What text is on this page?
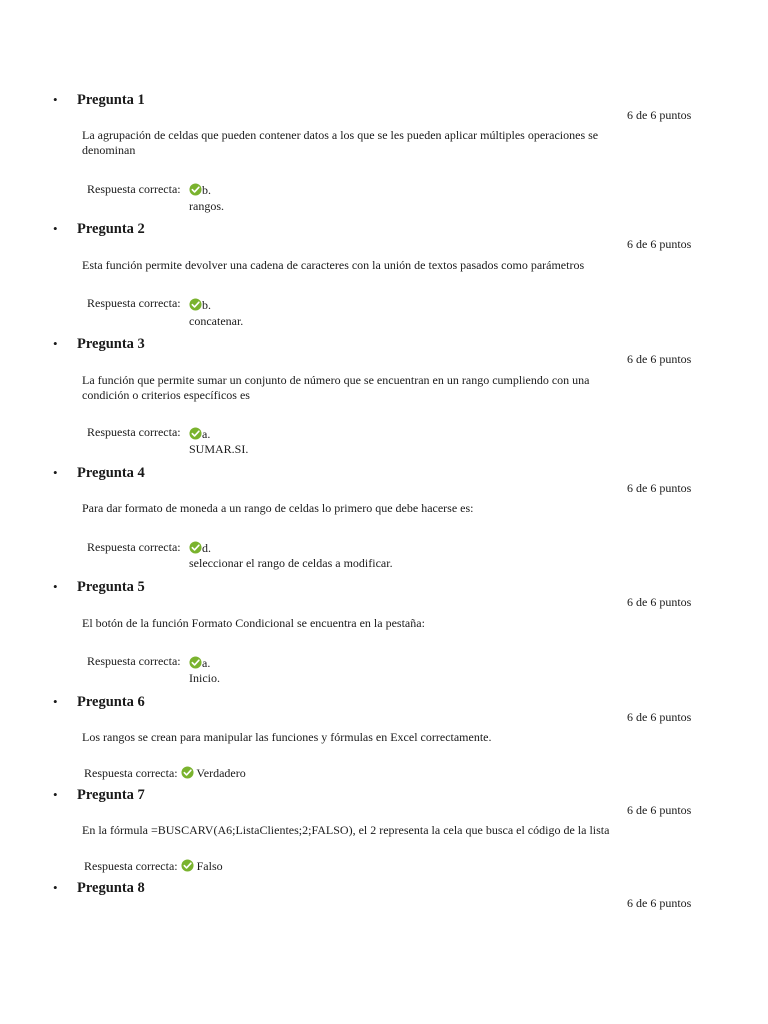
• Pregunta 1
6 de 6 puntos
La agrupación de celdas que pueden contener datos a los que se les pueden aplicar múltiples operaciones se denominan
Respuesta correcta:	b.
rangos.
• Pregunta 2
6 de 6 puntos
Esta función permite devolver una cadena de caracteres con la unión de textos pasados como parámetros
Respuesta correcta:	b.
concatenar.
• Pregunta 3
6 de 6 puntos
La función que permite sumar un conjunto de número que se encuentran en un rango cumpliendo con una condición o criterios específicos es
Respuesta correcta:	a.
SUMAR.SI.
• Pregunta 4
6 de 6 puntos
Para dar formato de moneda a un rango de celdas lo primero que debe hacerse es:
Respuesta correcta:	d.
seleccionar el rango de celdas a modificar.
• Pregunta 5
6 de 6 puntos
El botón de la función Formato Condicional se encuentra en la pestaña:
Respuesta correcta:	a.
Inicio.
• Pregunta 6
6 de 6 puntos
Los rangos se crean para manipular las funciones y fórmulas en Excel correctamente.
Respuesta correcta: Verdadero
• Pregunta 7
6 de 6 puntos
En la fórmula =BUSCARV(A6;ListaClientes;2;FALSO), el 2 representa la cela que busca el código de la lista
Respuesta correcta: Falso
• Pregunta 8
6 de 6 puntos
